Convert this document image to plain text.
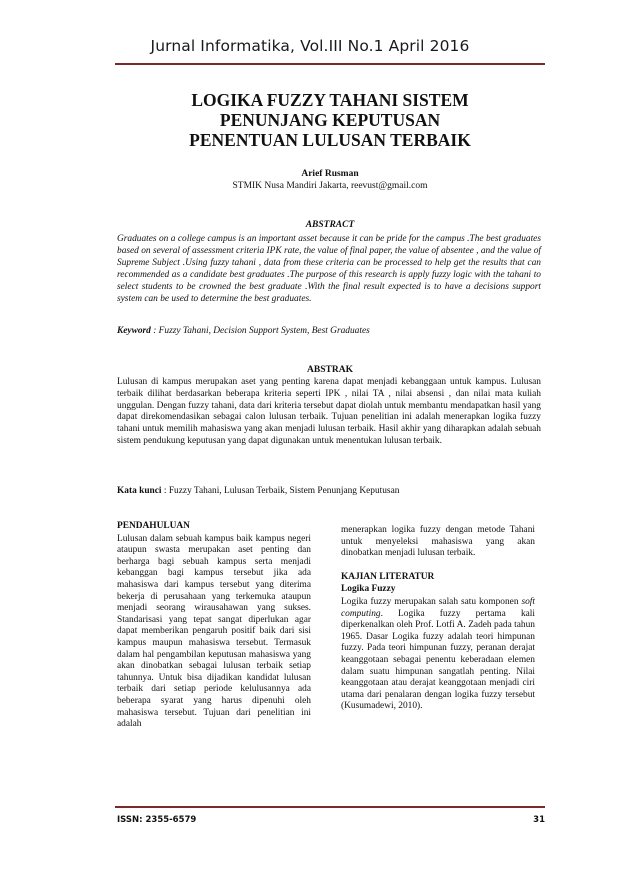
Jurnal Informatika, Vol.III No.1 April 2016
LOGIKA FUZZY TAHANI SISTEM
PENUNJANG KEPUTUSAN
PENENTUAN LULUSAN TERBAIK
Arief Rusman
STMIK Nusa Mandiri Jakarta, reevust@gmail.com
ABSTRACT
Graduates on a college campus is an important asset because it can be pride for the campus .The best graduates based on several of assessment criteria IPK rate, the value of final paper, the value of absentee , and the value of Supreme Subject .Using fuzzy tahani , data from these criteria can be processed to help get the results that can recommended as a candidate best graduates .The purpose of this research is apply fuzzy logic with the tahani to select students to be crowned the best graduate .With the final result expected is to have a decisions support system can be used to determine the best graduates.
Keyword : Fuzzy Tahani, Decision Support System, Best Graduates
ABSTRAK
Lulusan di kampus merupakan aset yang penting karena dapat menjadi kebanggaan untuk kampus. Lulusan terbaik dilihat berdasarkan beberapa kriteria seperti IPK , nilai TA , nilai absensi , dan nilai mata kuliah unggulan. Dengan fuzzy tahani, data dari kriteria tersebut dapat diolah untuk membantu mendapatkan hasil yang dapat direkomendasikan sebagai calon lulusan terbaik. Tujuan penelitian ini adalah menerapkan logika fuzzy tahani untuk memilih mahasiswa yang akan menjadi lulusan terbaik. Hasil akhir yang diharapkan adalah sebuah sistem pendukung keputusan yang dapat digunakan untuk menentukan lulusan terbaik.
Kata kunci : Fuzzy Tahani, Lulusan Terbaik, Sistem Penunjang Keputusan
PENDAHULUAN
Lulusan dalam sebuah kampus baik kampus negeri ataupun swasta merupakan aset penting dan berharga bagi sebuah kampus serta menjadi kebanggan bagi kampus tersebut jika ada mahasiswa dari kampus tersebut yang diterima bekerja di perusahaan yang terkemuka ataupun menjadi seorang wirausahawan yang sukses. Standarisasi yang tepat sangat diperlukan agar dapat memberikan pengaruh positif baik dari sisi kampus maupun mahasiswa tersebut. Termasuk dalam hal pengambilan keputusan mahasiswa yang akan dinobatkan sebagai lulusan terbaik setiap tahunnya. Untuk bisa dijadikan kandidat lulusan terbaik dari setiap periode kelulusannya ada beberapa syarat yang harus dipenuhi oleh mahasiswa tersebut. Tujuan dari penelitian ini adalah
menerapkan logika fuzzy dengan metode Tahani untuk menyeleksi mahasiswa yang akan dinobatkan menjadi lulusan terbaik.
KAJIAN LITERATUR
Logika Fuzzy
Logika fuzzy merupakan salah satu komponen soft computing. Logika fuzzy pertama kali diperkenalkan oleh Prof. Lotfi A. Zadeh pada tahun 1965. Dasar Logika fuzzy adalah teori himpunan fuzzy. Pada teori himpunan fuzzy, peranan derajat keanggotaan sebagai penentu keberadaan elemen dalam suatu himpunan sangatlah penting. Nilai keanggotaan atau derajat keanggotaan menjadi ciri utama dari penalaran dengan logika fuzzy tersebut (Kusumadewi, 2010).
ISSN: 2355-6579	31
